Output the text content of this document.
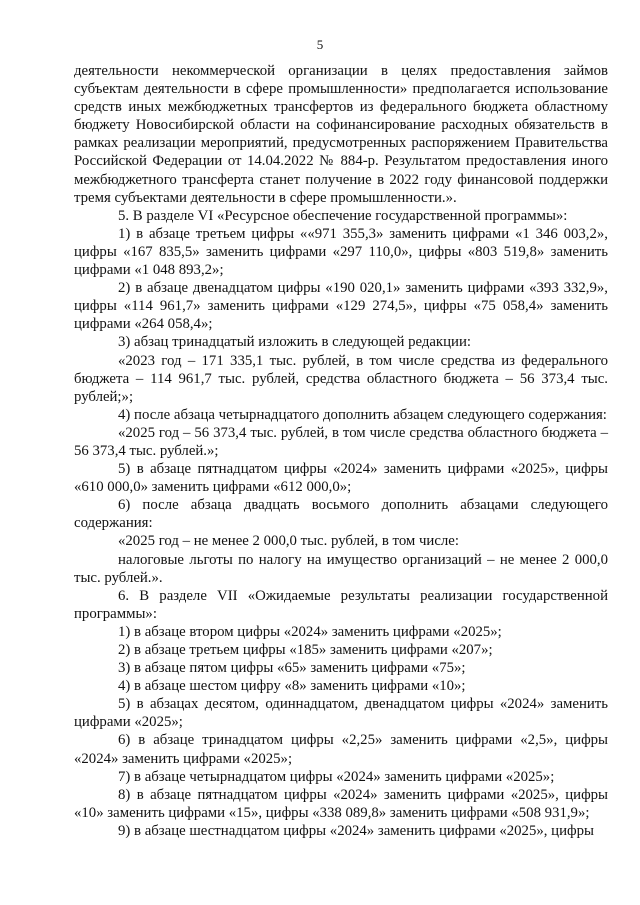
5

деятельности некоммерческой организации в целях предоставления займов субъектам деятельности в сфере промышленности» предполагается использование средств иных межбюджетных трансфертов из федерального бюджета областному бюджету Новосибирской области на софинансирование расходных обязательств в рамках реализации мероприятий, предусмотренных распоряжением Правительства Российской Федерации от 14.04.2022 № 884-р. Результатом предоставления иного межбюджетного трансферта станет получение в 2022 году финансовой поддержки тремя субъектами деятельности в сфере промышленности.».

5. В разделе VI «Ресурсное обеспечение государственной программы»:

1) в абзаце третьем цифры ««971 355,3» заменить цифрами «1 346 003,2», цифры «167 835,5» заменить цифрами «297 110,0», цифры «803 519,8» заменить цифрами «1 048 893,2»;

2) в абзаце двенадцатом цифры «190 020,1» заменить цифрами «393 332,9», цифры «114 961,7» заменить цифрами «129 274,5», цифры «75 058,4» заменить цифрами «264 058,4»;

3) абзац тринадцатый изложить в следующей редакции:

«2023 год – 171 335,1 тыс. рублей, в том числе средства из федерального бюджета – 114 961,7 тыс. рублей, средства областного бюджета – 56 373,4 тыс. рублей;»;

4) после абзаца четырнадцатого дополнить абзацем следующего содержания:

«2025 год – 56 373,4 тыс. рублей, в том числе средства областного бюджета – 56 373,4 тыс. рублей.»;

5) в абзаце пятнадцатом цифры «2024» заменить цифрами «2025», цифры «610 000,0» заменить цифрами «612 000,0»;

6) после абзаца двадцать восьмого дополнить абзацами следующего содержания:

«2025 год – не менее 2 000,0 тыс. рублей, в том числе:

налоговые льготы по налогу на имущество организаций – не менее 2 000,0 тыс. рублей.».

6. В разделе VII «Ожидаемые результаты реализации государственной программы»:

1) в абзаце втором цифры «2024» заменить цифрами «2025»;

2) в абзаце третьем цифры «185» заменить цифрами «207»;

3) в абзаце пятом цифры «65» заменить цифрами «75»;

4) в абзаце шестом цифру «8» заменить цифрами «10»;

5) в абзацах десятом, одиннадцатом, двенадцатом цифры «2024» заменить цифрами «2025»;

6) в абзаце тринадцатом цифры «2,25» заменить цифрами «2,5», цифры «2024» заменить цифрами «2025»;

7) в абзаце четырнадцатом цифры «2024» заменить цифрами «2025»;

8) в абзаце пятнадцатом цифры «2024» заменить цифрами «2025», цифры «10» заменить цифрами «15», цифры «338 089,8» заменить цифрами «508 931,9»;

9) в абзаце шестнадцатом цифры «2024» заменить цифрами «2025», цифры
